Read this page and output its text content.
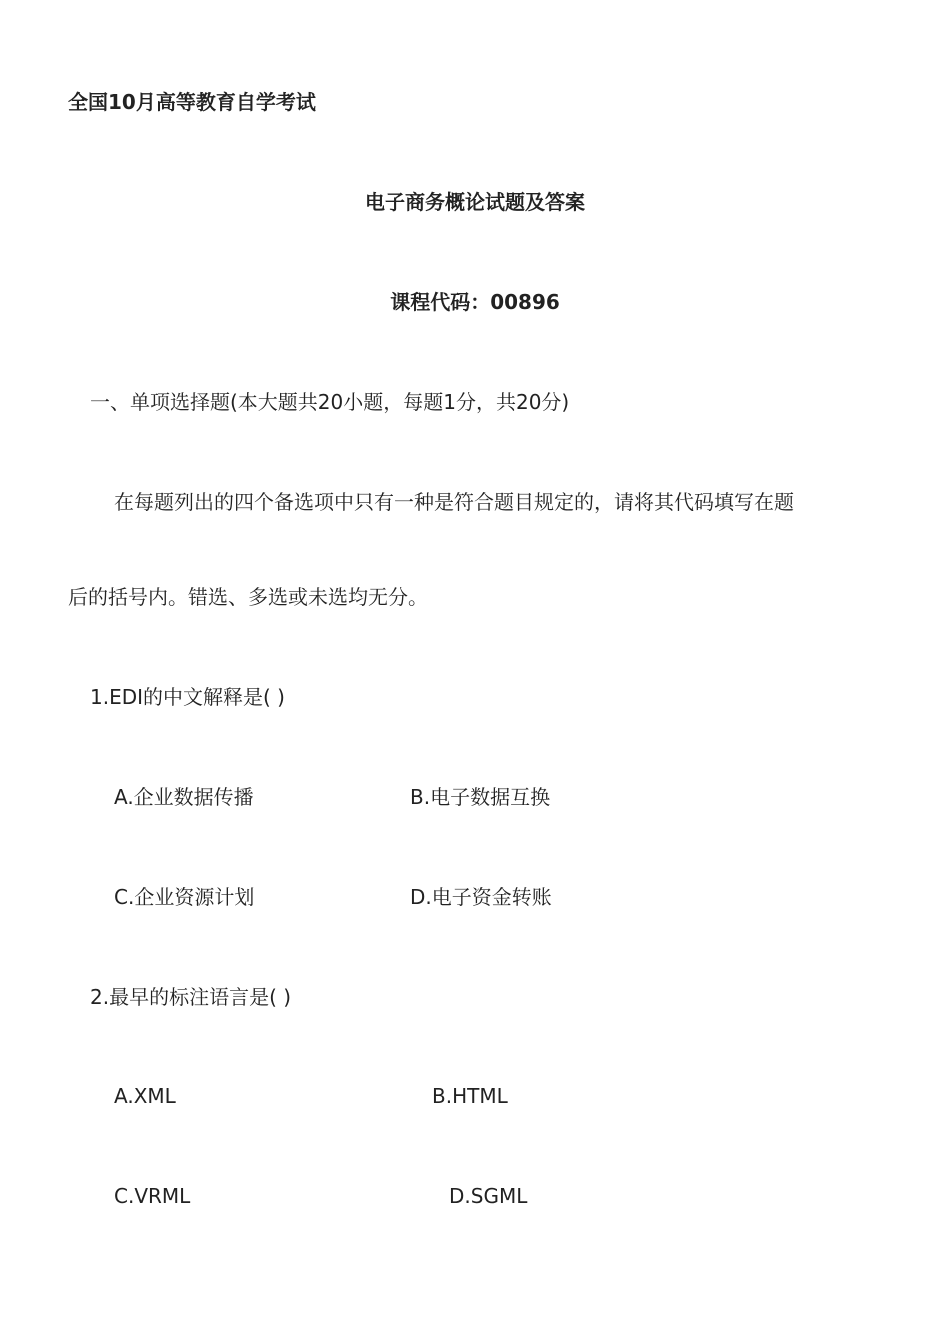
全国10月高等教育自学考试
电子商务概论试题及答案
课程代码：00896
一、单项选择题(本大题共20小题，每题1分，共20分)
在每题列出的四个备选项中只有一种是符合题目规定的，请将其代码填写在题
后的括号内。错选、多选或未选均无分。
1.EDI的中文解释是( )
A.企业数据传播	B.电子数据互换
C.企业资源计划	D.电子资金转账
2.最早的标注语言是( )
A.XML	B.HTML
C.VRML	D.SGML
